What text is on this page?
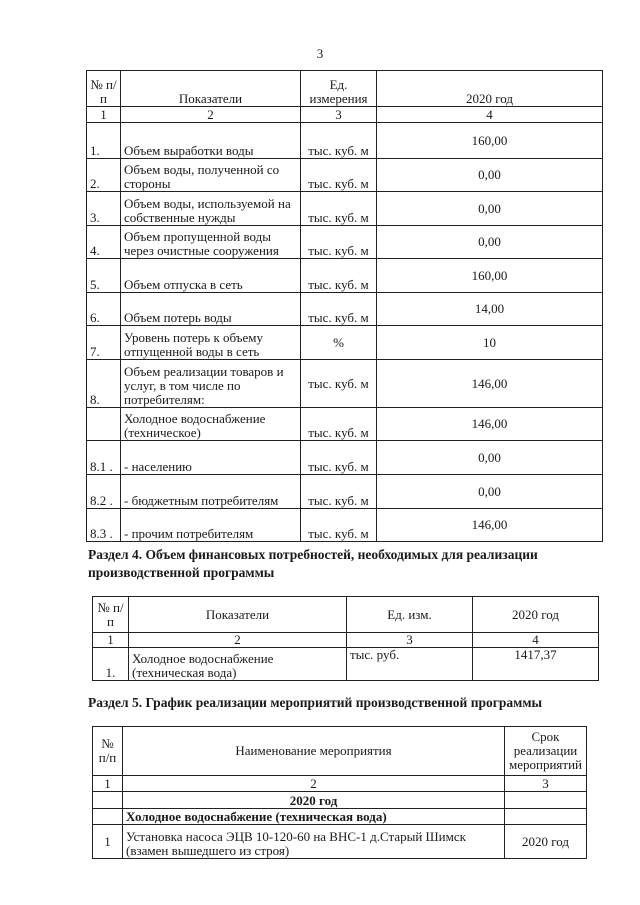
3
№ п/п	Показатели	Ед. измерения	2020 год
1	2	3	4
1.	Объем выработки воды	тыс. куб. м	160,00
2.	Объем воды, полученной со стороны	тыс. куб. м	0,00
3.	Объем воды, используемой на собственные нужды	тыс. куб. м	0,00
4.	Объем пропущенной воды через очистные сооружения	тыс. куб. м	0,00
5.	Объем отпуска в сеть	тыс. куб. м	160,00
6.	Объем потерь воды	тыс. куб. м	14,00
7.	Уровень потерь к объему отпущенной воды в сеть	%	10
8.	Объем реализации товаров и услуг, в том числе по потребителям:	тыс. куб. м	146,00
	Холодное водоснабжение (техническое)	тыс. куб. м	146,00
8.1 .	- населению	тыс. куб. м	0,00
8.2 .	- бюджетным потребителям	тыс. куб. м	0,00
8.3 .	- прочим потребителям	тыс. куб. м	146,00
Раздел 4. Объем финансовых потребностей, необходимых для реализации производственной программы
№ п/п	Показатели	Ед. изм.	2020 год
1	2	3	4
1.	Холодное водоснабжение (техническая вода)	тыс. руб.	1417,37
Раздел 5. График реализации мероприятий производственной программы
№ п/п	Наименование мероприятия	Срок реализации мероприятий
1	2	3
	2020 год	
	Холодное водоснабжение (техническая вода)	
1	Установка насоса ЭЦВ 10-120-60 на ВНС-1 д.Старый Шимск (взамен вышедшего из строя)	2020 год
